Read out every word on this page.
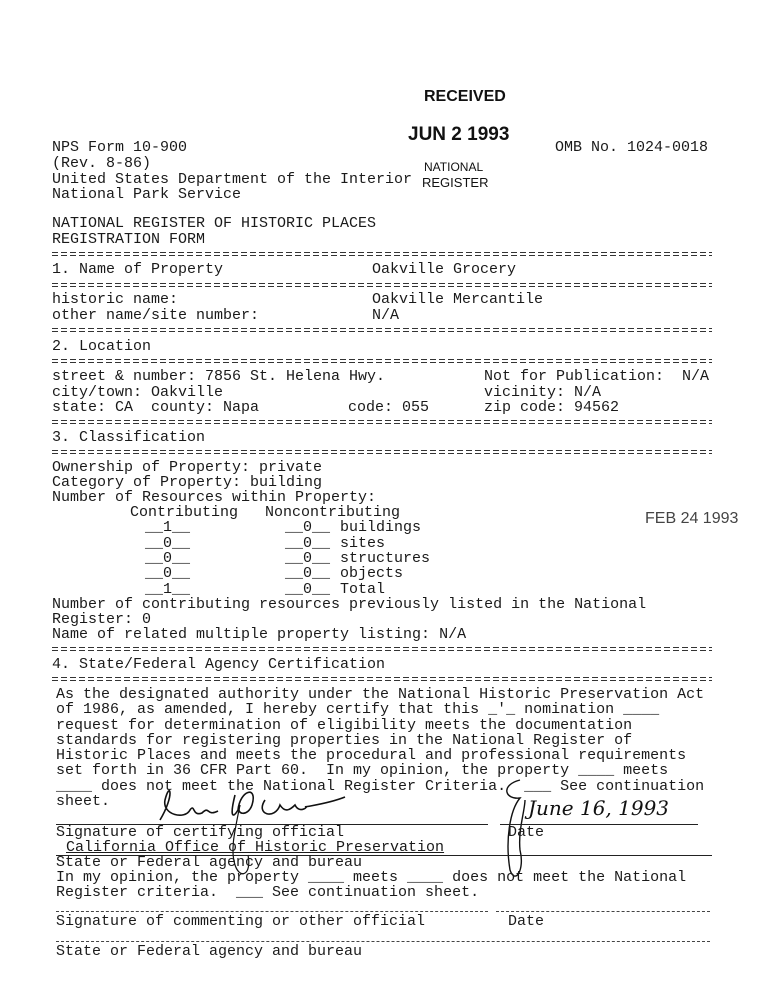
RECEIVED
JUN 2 1993
NATIONAL
REGISTER
FEB 24 1993
NPS Form 10-900	OMB No. 1024-0018
(Rev. 8-86)
United States Department of the Interior
National Park Service
NATIONAL REGISTER OF HISTORIC PLACES
REGISTRATION FORM
1. Name of Property	Oakville Grocery
historic name:	Oakville Mercantile
other name/site number:	N/A
2. Location
street & number: 7856 St. Helena Hwy.	Not for Publication:  N/A
city/town: Oakville	vicinity: N/A
state: CA  county: Napa	code: 055	zip code: 94562
3. Classification
Ownership of Property: private
Category of Property: building
Number of Resources within Property:
Contributing   Noncontributing
__1__	__0__ buildings
__0__	__0__ sites
__0__	__0__ structures
__0__	__0__ objects
__1__	__0__ Total
Number of contributing resources previously listed in the National
Register: 0
Name of related multiple property listing: N/A
4. State/Federal Agency Certification
As the designated authority under the National Historic Preservation Act
of 1986, as amended, I hereby certify that this _'_ nomination ____
request for determination of eligibility meets the documentation
standards for registering properties in the National Register of
Historic Places and meets the procedural and professional requirements
set forth in 36 CFR Part 60.  In my opinion, the property ____ meets
____ does not meet the National Register Criteria.  ___ See continuation
sheet.	June 16, 1993
Signature of certifying official	Date
California Office of Historic Preservation
State or Federal agency and bureau
In my opinion, the property ____ meets ____ does not meet the National
Register criteria.  ___ See continuation sheet.
Signature of commenting or other official	Date
State or Federal agency and bureau
